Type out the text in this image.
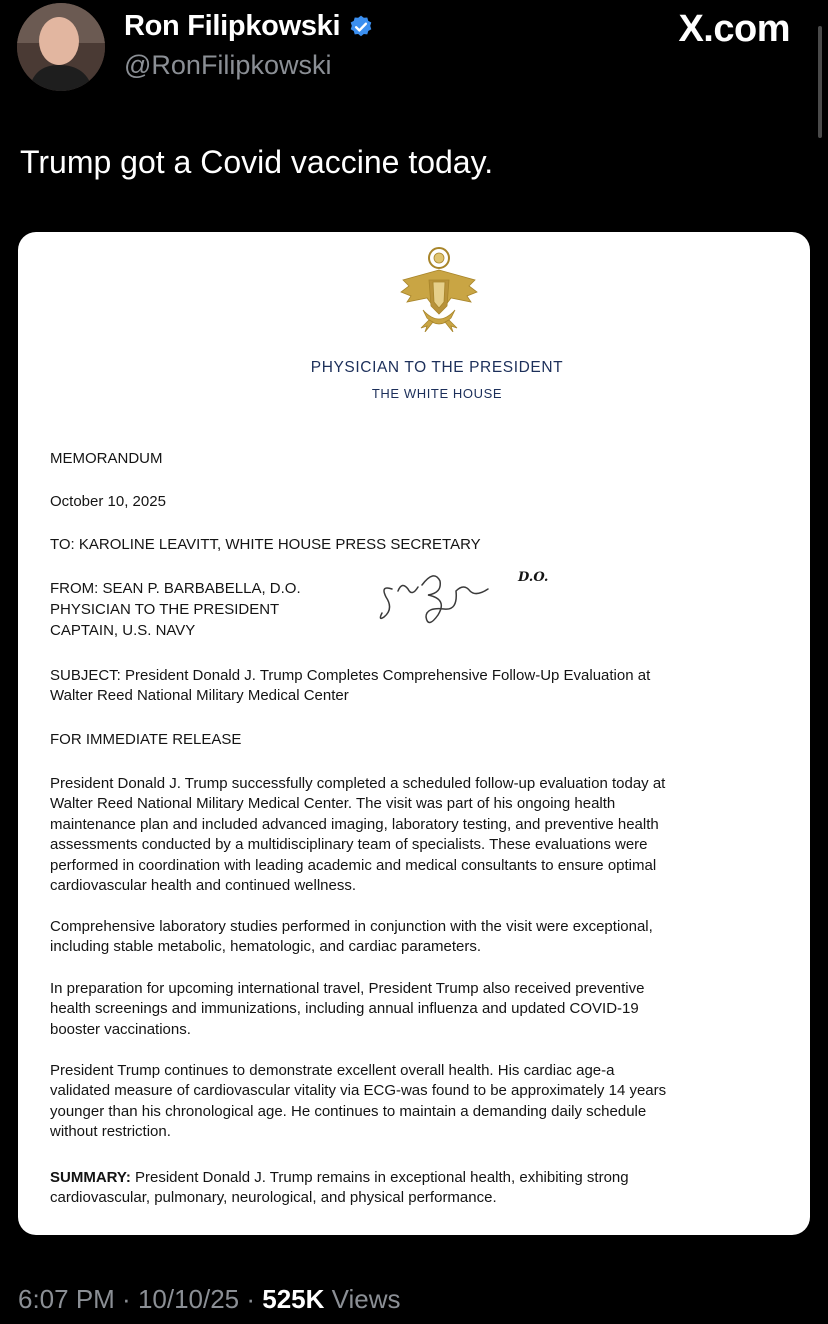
Ron Filipkowski
@RonFilipkowski
X.com
Trump got a Covid vaccine today.
PHYSICIAN TO THE PRESIDENT
THE WHITE HOUSE
MEMORANDUM
October 10, 2025
TO: KAROLINE LEAVITT, WHITE HOUSE PRESS SECRETARY
FROM: SEAN P. BARBABELLA, D.O.
PHYSICIAN TO THE PRESIDENT
CAPTAIN, U.S. NAVY
D.O.

SUBJECT: President Donald J. Trump Completes Comprehensive Follow-Up Evaluation at

Walter Reed National Military Medical Center

FOR IMMEDIATE RELEASE

President Donald J. Trump successfully completed a scheduled follow-up evaluation today at

Walter Reed National Military Medical Center. The visit was part of his ongoing health

maintenance plan and included advanced imaging, laboratory testing, and preventive health

assessments conducted by a multidisciplinary team of specialists. These evaluations were

performed in coordination with leading academic and medical consultants to ensure optimal

cardiovascular health and continued wellness.

Comprehensive laboratory studies performed in conjunction with the visit were exceptional,

including stable metabolic, hematologic, and cardiac parameters.

In preparation for upcoming international travel, President Trump also received preventive

health screenings and immunizations, including annual influenza and updated COVID-19

booster vaccinations.

President Trump continues to demonstrate excellent overall health. His cardiac age-a

validated measure of cardiovascular vitality via ECG-was found to be approximately 14 years

younger than his chronological age. He continues to maintain a demanding daily schedule

without restriction.

SUMMARY: President Donald J. Trump remains in exceptional health, exhibiting strong

cardiovascular, pulmonary, neurological, and physical performance.

6:07 PM · 10/10/25 · 525K Views
